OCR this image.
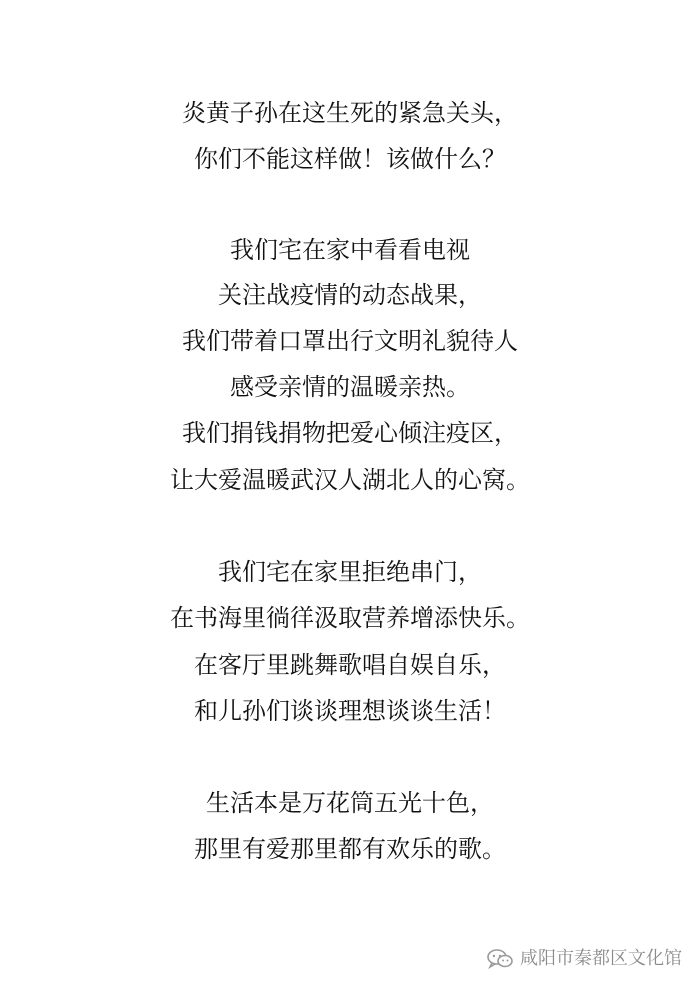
炎黄子孙在这生死的紧急关头，
你们不能这样做！该做什么？
我们宅在家中看看电视
关注战疫情的动态战果，
我们带着口罩出行文明礼貌待人
感受亲情的温暖亲热。
我们捐钱捐物把爱心倾注疫区，
让大爱温暖武汉人湖北人的心窝。
我们宅在家里拒绝串门，
在书海里徜徉汲取营养增添快乐。
在客厅里跳舞歌唱自娱自乐，
和儿孙们谈谈理想谈谈生活！
生活本是万花筒五光十色，
那里有爱那里都有欢乐的歌。
咸阳市秦都区文化馆
